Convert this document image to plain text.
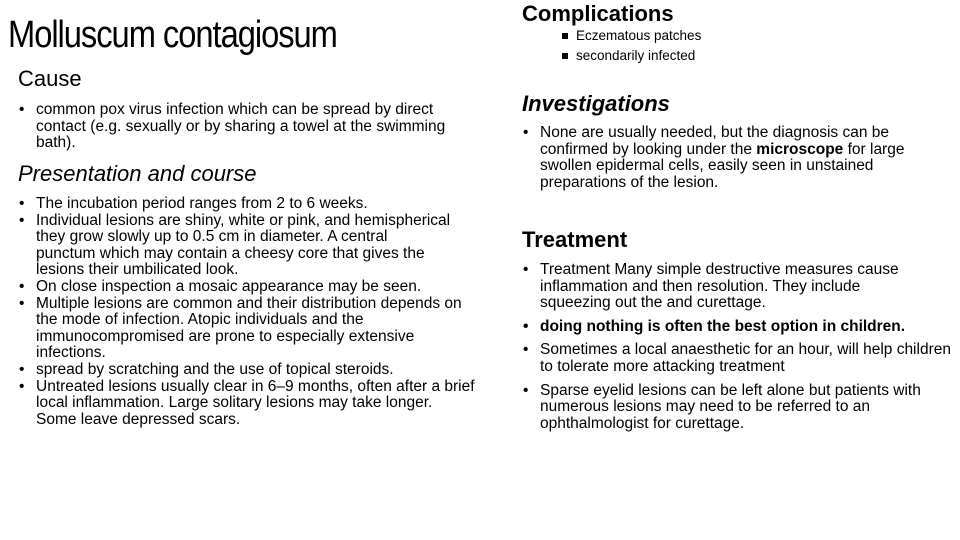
Molluscum contagiosum
Cause
• common pox virus infection which can be spread by direct contact (e.g. sexually or by sharing a towel at the swimming bath).
Presentation and course
• The incubation period ranges from 2 to 6 weeks.
• Individual lesions are shiny, white or pink, and hemispherical they grow slowly up to 0.5 cm in diameter. A central punctum which may contain a cheesy core that gives the lesions their umbilicated look.
• On close inspection a mosaic appearance may be seen.
• Multiple lesions are common and their distribution depends on the mode of infection. Atopic individuals and the immunocompromised are prone to especially extensive infections.
• spread by scratching and the use of topical steroids.
• Untreated lesions usually clear in 6–9 months, often after a brief local inflammation. Large solitary lesions may take longer. Some leave depressed scars.
Complications
Eczematous patches
secondarily infected
Investigations
• None are usually needed, but the diagnosis can be confirmed by looking under the microscope for large swollen epidermal cells, easily seen in unstained preparations of the lesion.
Treatment
• Treatment Many simple destructive measures cause inflammation and then resolution. They include squeezing out the and curettage.
• doing nothing is often the best option in children.
• Sometimes a local anaesthetic for an hour, will help children to tolerate more attacking treatment
• Sparse eyelid lesions can be left alone but patients with numerous lesions may need to be referred to an ophthalmologist for curettage.
